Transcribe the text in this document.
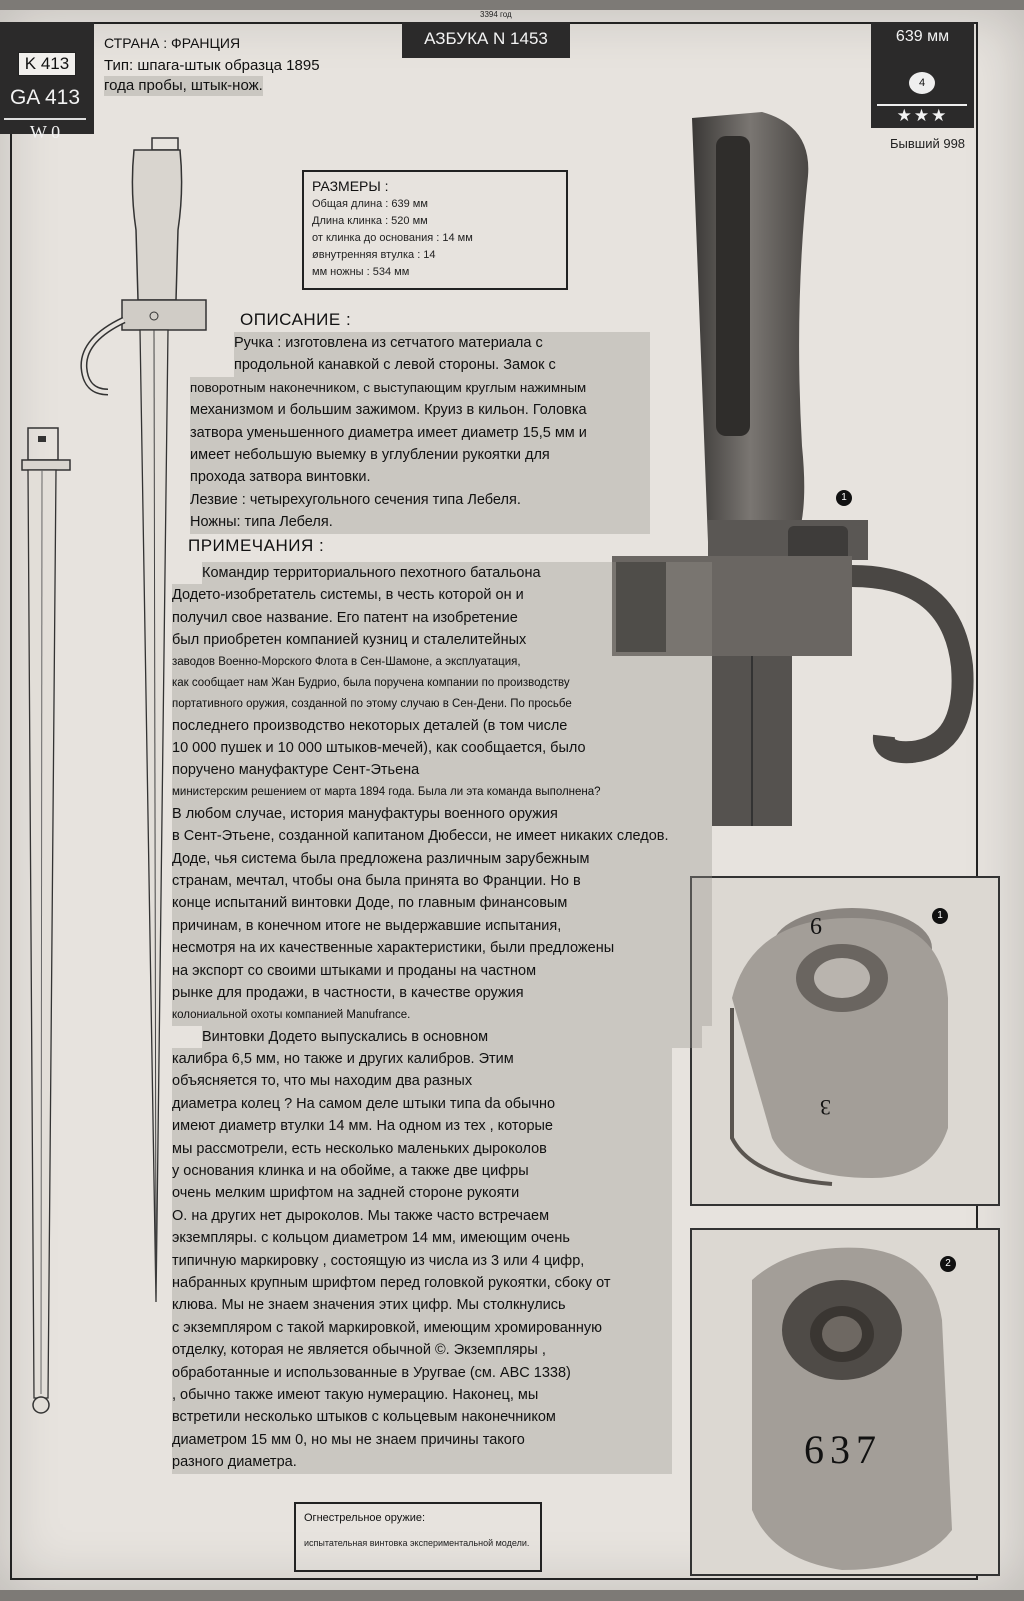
3394 год
K 413
GA 413
W 0
СТРАНА : ФРАНЦИЯ
Тип: шпага-штык образца 1895
года пробы, штык-нож.
АЗБУКА N 1453	639 мм
4
★★★
Бывший 998
РАЗМЕРЫ :
Общая длина : 639 мм
Длина клинка : 520 мм
от клинка до основания : 14 мм
øвнутренняя втулка : 14
мм ножны : 534 мм
1
6
3
1
637
2
ОПИСАНИЕ :
Ручка : изготовлена из сетчатого материала с
продольной канавкой с левой стороны. Замок с
поворотным наконечником, с выступающим круглым нажимным
механизмом и большим зажимом. Круиз в кильон. Головка
затвора уменьшенного диаметра имеет диаметр 15,5 мм и
имеет небольшую выемку в углублении рукоятки для
прохода затвора винтовки.
Лезвие : четырехугольного сечения типа Лебеля.
Ножны: типа Лебеля.
ПРИМЕЧАНИЯ :
Командир территориального пехотного батальона
Додето-изобретатель системы, в честь которой он и
получил свое название. Его патент на изобретение
был приобретен компанией кузниц и сталелитейных
заводов Военно-Морского Флота в Сен-Шамоне, а эксплуатация,
как сообщает нам Жан Будрио, была поручена компании по производству
портативного оружия, созданной по этому случаю в Сен-Дени. По просьбе
последнего производство некоторых деталей (в том числе
10 000 пушек и 10 000 штыков-мечей), как сообщается, было
поручено мануфактуре Сент-Этьена
министерским решением от марта 1894 года. Была ли эта команда выполнена?
В любом случае, история мануфактуры военного оружия
в Сент-Этьене, созданной капитаном Дюбесси, не имеет никаких следов.
Доде, чья система была предложена различным зарубежным
странам, мечтал, чтобы она была принята во Франции. Но в
конце испытаний винтовки Доде, по главным финансовым
причинам, в конечном итоге не выдержавшие испытания,
несмотря на их качественные характеристики, были предложены
на экспорт со своими штыками и проданы на частном
рынке для продажи, в частности, в качестве оружия
колониальной охоты компанией Manufrance.
Винтовки Додето выпускались в основном
калибра 6,5 мм, но также и других калибров. Этим
объясняется то, что мы находим два разных
диаметра колец ? На самом деле штыки типа da обычно
имеют диаметр втулки 14 мм. На одном из тех , которые
мы рассмотрели, есть несколько маленьких дыроколов
у основания клинка и на обойме, а также две цифры
очень мелким шрифтом на задней стороне рукояти
О. на других нет дыроколов. Мы также часто встречаем
экземпляры. с кольцом диаметром 14 мм, имеющим очень
типичную маркировку , состоящую из числа из 3 или 4 цифр,
набранных крупным шрифтом перед головкой рукоятки, сбоку от
клюва. Мы не знаем значения этих цифр. Мы столкнулись
с экземпляром с такой маркировкой, имеющим хромированную
отделку, которая не является обычной ©. Экземпляры ,
обработанные и использованные в Уругвае (см. ABC 1338)
, обычно также имеют такую нумерацию. Наконец, мы
встретили несколько штыков с кольцевым наконечником
диаметром 15 мм 0, но мы не знаем причины такого
разного диаметра.
Огнестрельное оружие:
испытательная винтовка экспериментальной модели.
